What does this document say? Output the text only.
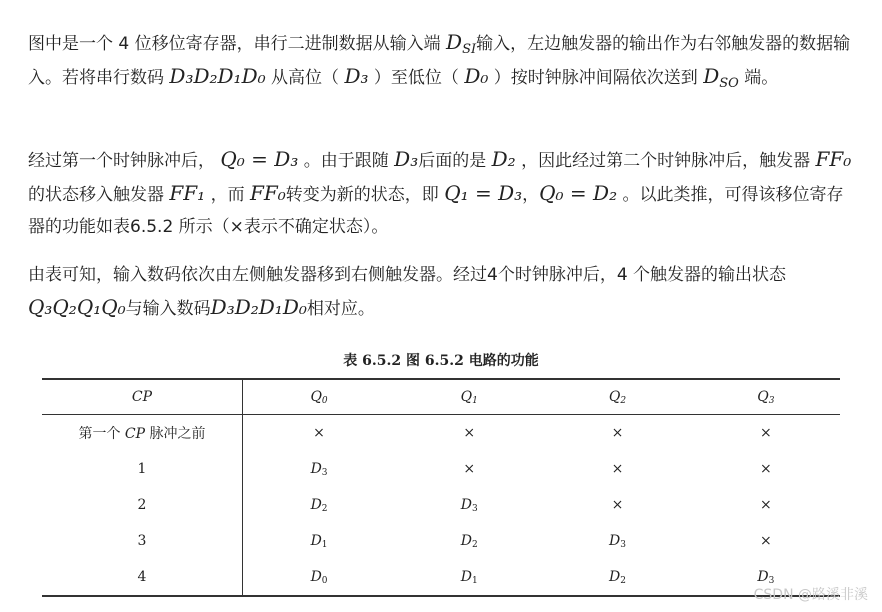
图中是一个 4 位移位寄存器，串行二进制数据从输入端 $D_{SI}$输入，左边触发器的输出作为右邻触发器的数据输入。若将串行数码 D₃D₂D₁D₀ 从高位（ D₃ ）至低位（ D₀ ）按时钟脉冲间隔依次送到 $D_{SO}$ 端。

经过第一个时钟脉冲后， Q₀ = D₃ 。由于跟随 D₃后面的是 D₂ ，因此经过第二个时钟脉冲后，触发器 FF₀的状态移入触发器 FF₁ ，而 FF₀转变为新的状态，即 Q₁ = D₃，Q₀ = D₂ 。以此类推，可得该移位寄存 器的功能如表6.5.2 所示（×表示不确定状态）。

由表可知，输入数码依次由左侧触发器移到右侧触发器。经过4个时钟脉冲后，4 个触发器的输出状态Q₃Q₂Q₁Q₀与输入数码D₃D₂D₁D₀相对应。

表 6.5.2 图 6.5.2 电路的功能
CP	$Q_0$	$Q_1$	$Q_2$	$Q_3$
第一个 CP 脉冲之前	×	×	×	×
1	$D_3$	×	×	×
2	$D_2$	$D_3$	×	×
3	$D_1$	$D_2$	$D_3$	×
4	$D_0$	$D_1$	$D_2$	$D_3$
CSDN @路溪非溪
